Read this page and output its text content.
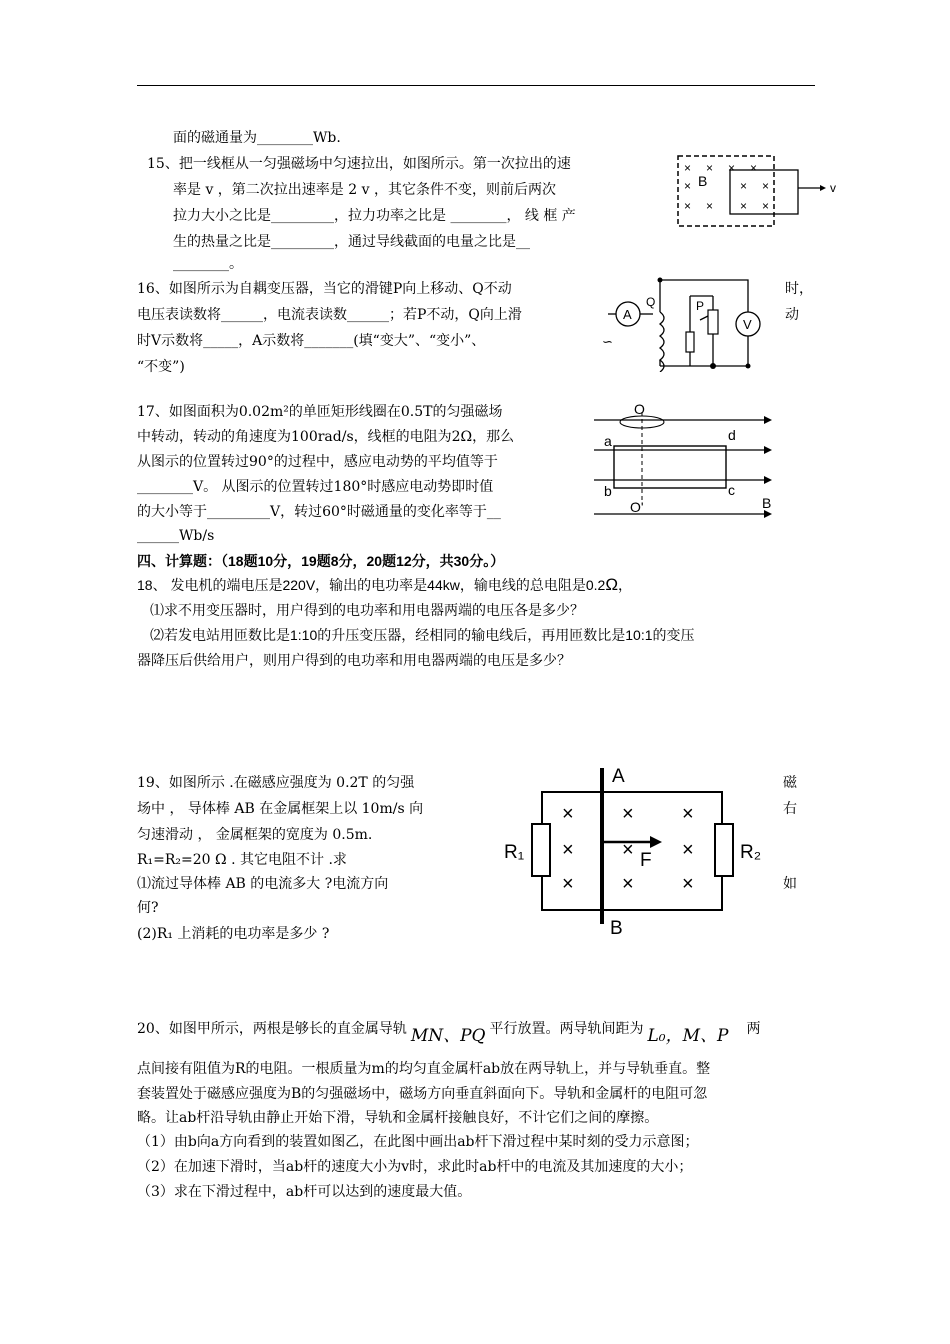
面的磁通量为________Wb.
15、把一线框从一匀强磁场中匀速拉出，如图所示。第一次拉出的速
率是 v ，第二次拉出速率是 2 v ，其它条件不变，则前后两次
拉力大小之比是_________，拉力功率之比是 ________， 线 框 产
生的热量之比是_________，通过导线截面的电量之比是__
________。
× × × ×
×	× ×
× × × ×
B	v
16、如图所示为自耦变压器，当它的滑键P向上移动、Q不动
电压表读数将______，电流表读数______；若P不动，Q向上滑
时V示数将_____，A示数将_______(填“变大”、“变小”、
“不变”)
时，
动
A
V
P
Q
∽
17、如图面积为0.02m²的单匝矩形线圈在0.5T的匀强磁场
中转动，转动的角速度为100rad/s，线框的电阻为2Ω，那么
从图示的位置转过90°的过程中，感应电动势的平均值等于
________V。 从图示的位置转过180°时感应电动势即时值
的大小等于_________V，转过60°时磁通量的变化率等于__
______Wb/s
O
O'
a	d
b	c
B
四、计算题：（18题10分，19题8分，20题12分，共30分。）
18、 发电机的端电压是220V，输出的电功率是44kw，输电线的总电阻是0.2Ω，
⑴求不用变压器时，用户得到的电功率和用电器两端的电压各是多少？
⑵若发电站用匝数比是1:10的升压变压器，经相同的输电线后，再用匝数比是10:1的变压
器降压后供给用户，则用户得到的电功率和用电器两端的电压是多少？
19、如图所示 .在磁感应强度为 0.2T 的匀强
场中 ， 导体棒 AB 在金属框架上以 10m/s 向
匀速滑动 ， 金属框架的宽度为 0.5m.
R₁=R₂=20 Ω . 其它电阻不计 .求
⑴流过导体棒 AB 的电流多大 ?电流方向
何?
(2)R₁ 上消耗的电功率是多少 ?
磁
右
如
×
×
×
×
×
×
×
×
×
A
B
R₁	R₂
F
20、如图甲所示，两根是够长的直金属导轨 MN、PQ 平行放置。两导轨间距为 L₀，M、P 两
点间接有阻值为R的电阻。一根质量为m的均匀直金属杆ab放在两导轨上，并与导轨垂直。整
套装置处于磁感应强度为B的匀强磁场中，磁场方向垂直斜面向下。导轨和金属杆的电阻可忽
略。让ab杆沿导轨由静止开始下滑，导轨和金属杆接触良好，不计它们之间的摩擦。
（1）由b向a方向看到的装置如图乙，在此图中画出ab杆下滑过程中某时刻的受力示意图；
（2）在加速下滑时，当ab杆的速度大小为v时，求此时ab杆中的电流及其加速度的大小；
（3）求在下滑过程中，ab杆可以达到的速度最大值。
